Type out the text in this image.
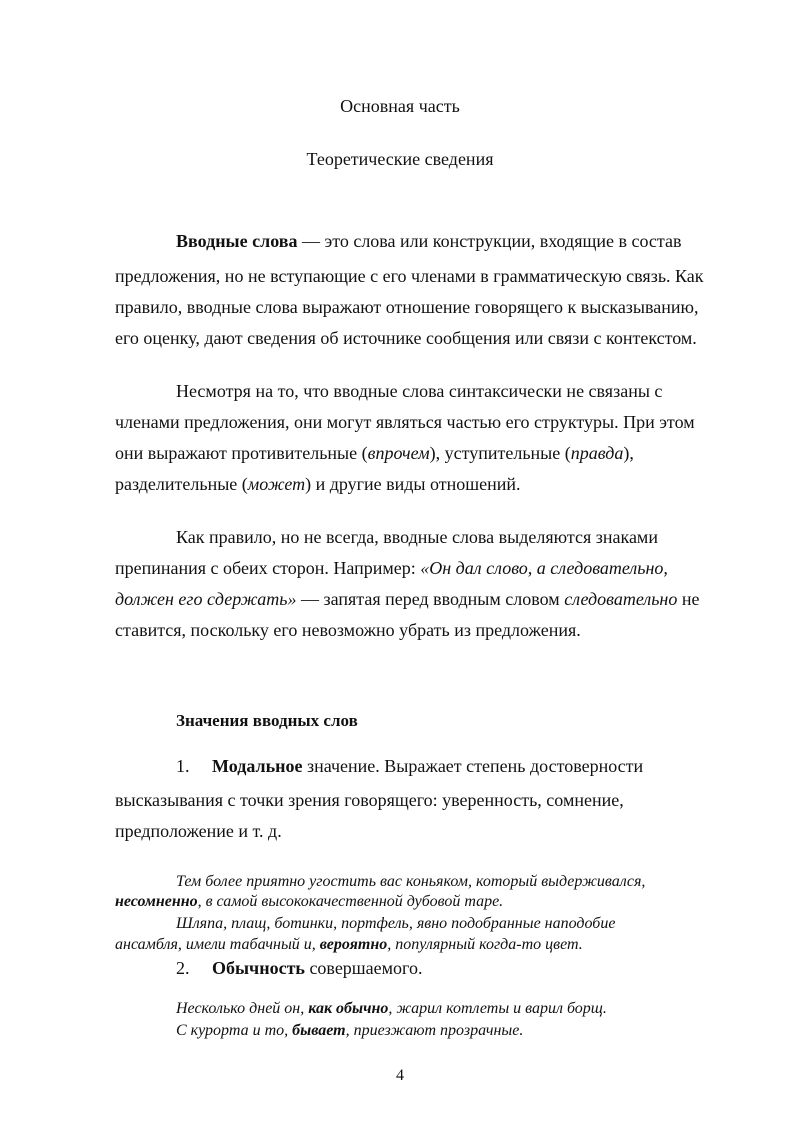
Основная часть
Теоретические сведения
Вводные слова — это слова или конструкции, входящие в состав
предложения, но не вступающие с его членами в грамматическую связь. Как
правило, вводные слова выражают отношение говорящего к высказыванию,
его оценку, дают сведения об источнике сообщения или связи с контекстом.
Несмотря на то, что вводные слова синтаксически не связаны с
членами предложения, они могут являться частью его структуры. При этом
они выражают противительные (впрочем), уступительные (правда),
разделительные (может) и другие виды отношений.
Как правило, но не всегда, вводные слова выделяются знаками
препинания с обеих сторон. Например: «Он дал слово, а следовательно,
должен его сдержать» — запятая перед вводным словом следовательно не
ставится, поскольку его невозможно убрать из предложения.
Значения вводных слов
1. Модальное значение. Выражает степень достоверности
высказывания с точки зрения говорящего: уверенность, сомнение,
предположение и т. д.
Тем более приятно угостить вас коньяком, который выдерживался,
несомненно, в самой высококачественной дубовой таре.
Шляпа, плащ, ботинки, портфель, явно подобранные наподобие
ансамбля, имели табачный и, вероятно, популярный когда-то цвет.
2. Обычность совершаемого.
Несколько дней он, как обычно, жарил котлеты и варил борщ.
С курорта и то, бывает, приезжают прозрачные.
4
